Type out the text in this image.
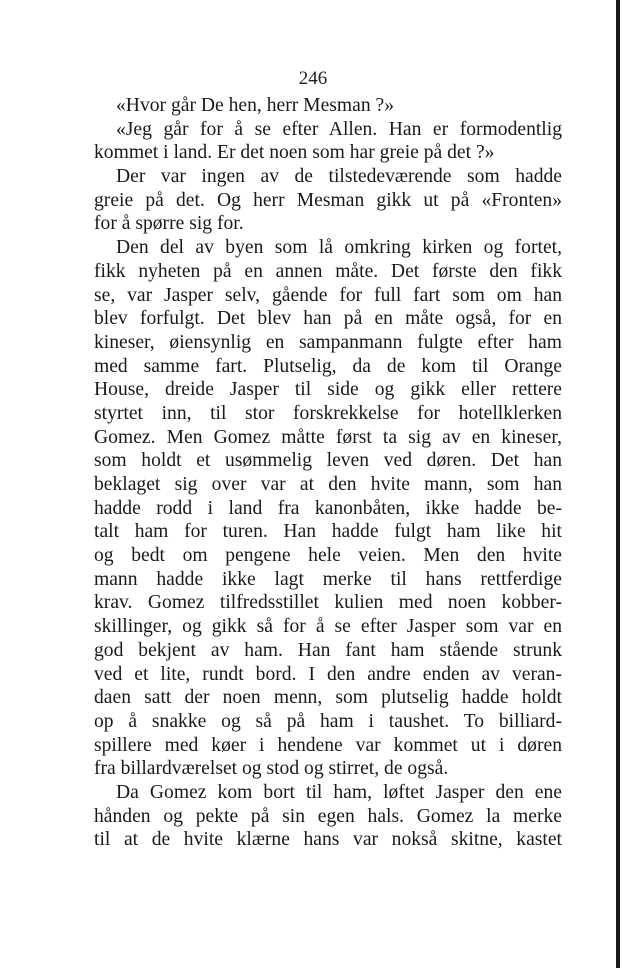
246
«Hvor går De hen, herr Mesman ?»
«Jeg går for å se efter Allen. Han er formodentlig
kommet i land. Er det noen som har greie på det ?»
Der var ingen av de tilstedeværende som hadde
greie på det. Og herr Mesman gikk ut på «Fronten»
for å spørre sig for.
Den del av byen som lå omkring kirken og fortet,
fikk nyheten på en annen måte. Det første den fikk
se, var Jasper selv, gående for full fart som om han
blev forfulgt. Det blev han på en måte også, for en
kineser, øiensynlig en sampanmann fulgte efter ham
med samme fart. Plutselig, da de kom til Orange
House, dreide Jasper til side og gikk eller rettere
styrtet inn, til stor forskrekkelse for hotellklerken
Gomez. Men Gomez måtte først ta sig av en kineser,
som holdt et usømmelig leven ved døren. Det han
beklaget sig over var at den hvite mann, som han
hadde rodd i land fra kanonbåten, ikke hadde be-
talt ham for turen. Han hadde fulgt ham like hit
og bedt om pengene hele veien. Men den hvite
mann hadde ikke lagt merke til hans rettferdige
krav. Gomez tilfredsstillet kulien med noen kobber-
skillinger, og gikk så for å se efter Jasper som var en
god bekjent av ham. Han fant ham stående strunk
ved et lite, rundt bord. I den andre enden av veran-
daen satt der noen menn, som plutselig hadde holdt
op å snakke og så på ham i taushet. To billiard-
spillere med køer i hendene var kommet ut i døren
fra billardværelset og stod og stirret, de også.
Da Gomez kom bort til ham, løftet Jasper den ene
hånden og pekte på sin egen hals. Gomez la merke
til at de hvite klærne hans var nokså skitne, kastet
